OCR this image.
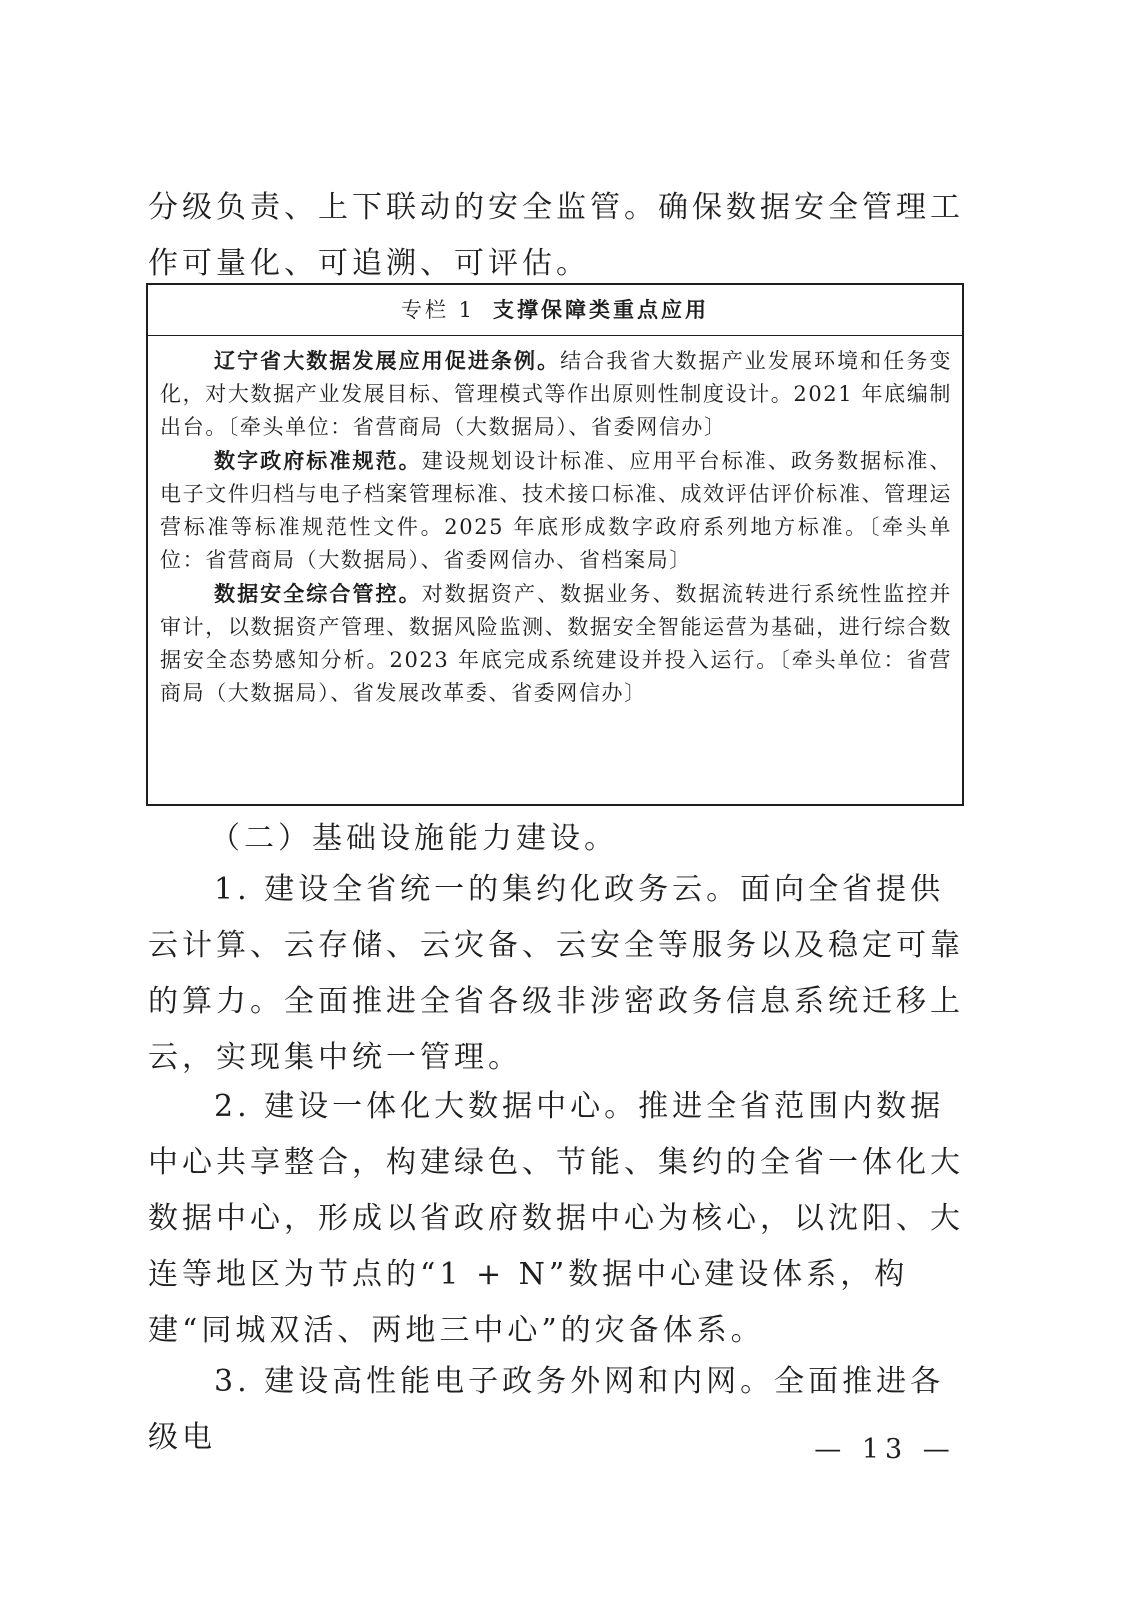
分级负责、上下联动的安全监管。确保数据安全管理工作可量化、可追溯、可评估。

专栏 1 支撑保障类重点应用

辽宁省大数据发展应用促进条例。结合我省大数据产业发展环境和任务变化，对大数据产业发展目标、管理模式等作出原则性制度设计。2021 年底编制出台。〔牵头单位：省营商局（大数据局）、省委网信办〕

数字政府标准规范。建设规划设计标准、应用平台标准、政务数据标准、电子文件归档与电子档案管理标准、技术接口标准、成效评估评价标准、管理运营标准等标准规范性文件。2025 年底形成数字政府系列地方标准。〔牵头单位：省营商局（大数据局）、省委网信办、省档案局〕

数据安全综合管控。对数据资产、数据业务、数据流转进行系统性监控并审计，以数据资产管理、数据风险监测、数据安全智能运营为基础，进行综合数据安全态势感知分析。2023 年底完成系统建设并投入运行。〔牵头单位：省营商局（大数据局）、省发展改革委、省委网信办〕

（二）基础设施能力建设。

1. 建设全省统一的集约化政务云。面向全省提供云计算、云存储、云灾备、云安全等服务以及稳定可靠的算力。全面推进全省各级非涉密政务信息系统迁移上云，实现集中统一管理。

2. 建设一体化大数据中心。推进全省范围内数据中心共享整合，构建绿色、节能、集约的全省一体化大数据中心，形成以省政府数据中心为核心，以沈阳、大连等地区为节点的“1 + N”数据中心建设体系，构建“同城双活、两地三中心”的灾备体系。

3. 建设高性能电子政务外网和内网。全面推进各级电	— 13 —
